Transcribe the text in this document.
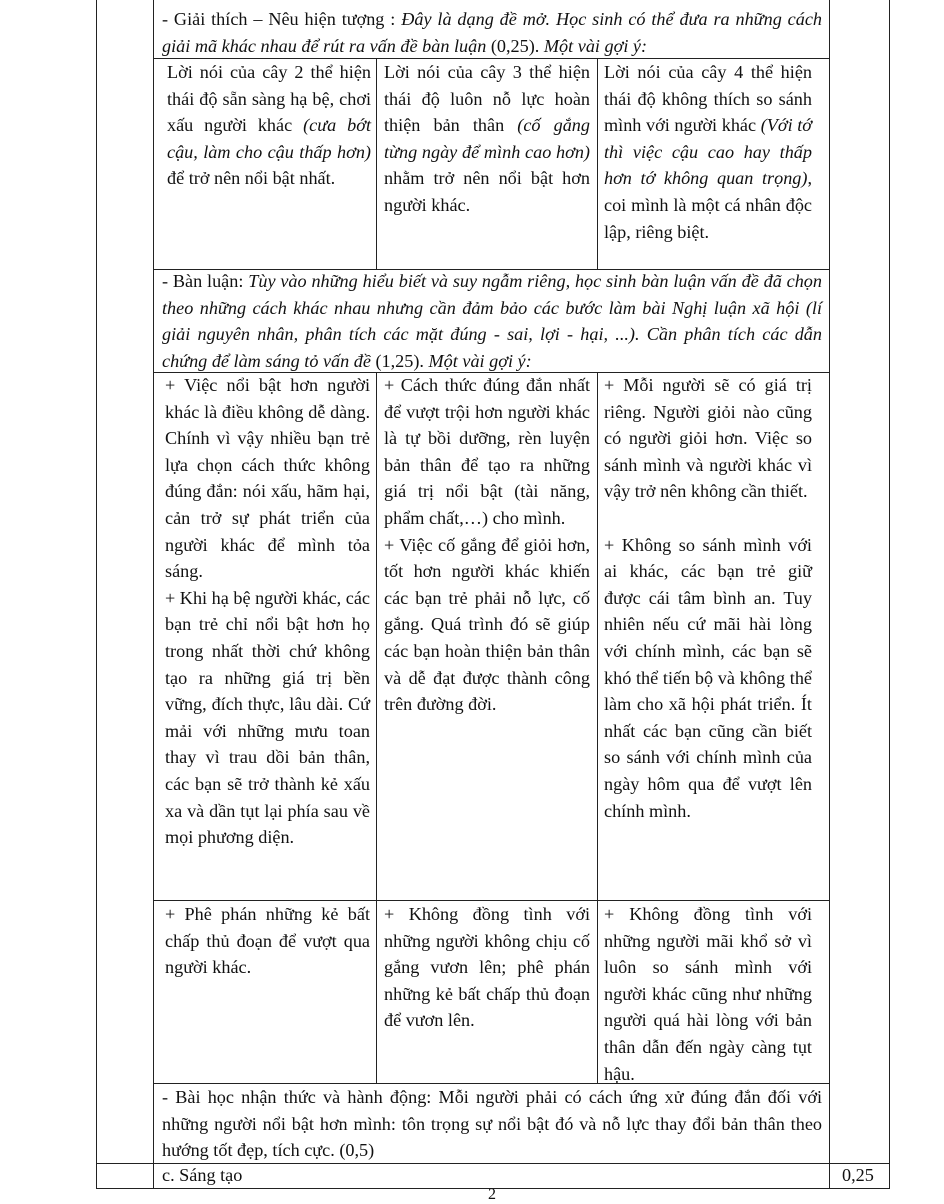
- Giải thích – Nêu hiện tượng : Đây là dạng đề mở. Học sinh có thể đưa ra những cách giải mã khác nhau để rút ra vấn đề bàn luận (0,25). Một vài gợi ý:
Lời nói của cây 2 thể hiện thái độ sẵn sàng hạ bệ, chơi xấu người khác (cưa bớt cậu, làm cho cậu thấp hơn) để trở nên nổi bật nhất.
Lời nói của cây 3 thể hiện thái độ luôn nỗ lực hoàn thiện bản thân (cố gắng từng ngày để mình cao hơn) nhằm trở nên nổi bật hơn người khác.
Lời nói của cây 4 thể hiện thái độ không thích so sánh mình với người khác (Với tớ thì việc cậu cao hay thấp hơn tớ không quan trọng), coi mình là một cá nhân độc lập, riêng biệt.
- Bàn luận: Tùy vào những hiểu biết và suy ngẫm riêng, học sinh bàn luận vấn đề đã chọn theo những cách khác nhau nhưng cần đảm bảo các bước làm bài Nghị luận xã hội (lí giải nguyên nhân, phân tích các mặt đúng - sai, lợi - hại, ...). Cần phân tích các dẫn chứng để làm sáng tỏ vấn đề (1,25). Một vài gợi ý:
+ Việc nổi bật hơn người khác là điều không dễ dàng. Chính vì vậy nhiều bạn trẻ lựa chọn cách thức không đúng đắn: nói xấu, hãm hại, cản trở sự phát triển của người khác để mình tỏa sáng.
+ Khi hạ bệ người khác, các bạn trẻ chỉ nổi bật hơn họ trong nhất thời chứ không tạo ra những giá trị bền vững, đích thực, lâu dài. Cứ mải với những mưu toan thay vì trau dồi bản thân, các bạn sẽ trở thành kẻ xấu xa và dần tụt lại phía sau về mọi phương diện.
+ Cách thức đúng đắn nhất để vượt trội hơn người khác là tự bồi dưỡng, rèn luyện bản thân để tạo ra những giá trị nổi bật (tài năng, phẩm chất,…) cho mình.
+ Việc cố gắng để giỏi hơn, tốt hơn người khác khiến các bạn trẻ phải nỗ lực, cố gắng. Quá trình đó sẽ giúp các bạn hoàn thiện bản thân và dễ đạt được thành công trên đường đời.
+ Mỗi người sẽ có giá trị riêng. Người giỏi nào cũng có người giỏi hơn. Việc so sánh mình và người khác vì vậy trở nên không cần thiết.
+ Không so sánh mình với ai khác, các bạn trẻ giữ được cái tâm bình an. Tuy nhiên nếu cứ mãi hài lòng với chính mình, các bạn sẽ khó thể tiến bộ và không thể làm cho xã hội phát triển. Ít nhất các bạn cũng cần biết so sánh với chính mình của ngày hôm qua để vượt lên chính mình.
+ Phê phán những kẻ bất chấp thủ đoạn để vượt qua người khác.
+ Không đồng tình với những người không chịu cố gắng vươn lên; phê phán những kẻ bất chấp thủ đoạn để vươn lên.
+ Không đồng tình với những người mãi khổ sở vì luôn so sánh mình với người khác cũng như những người quá hài lòng với bản thân dẫn đến ngày càng tụt hậu.
- Bài học nhận thức và hành động: Mỗi người phải có cách ứng xử đúng đắn đối với những người nổi bật hơn mình: tôn trọng sự nổi bật đó và nỗ lực thay đổi bản thân theo hướng tốt đẹp, tích cực. (0,5)
c. Sáng tạo	0,25
2
